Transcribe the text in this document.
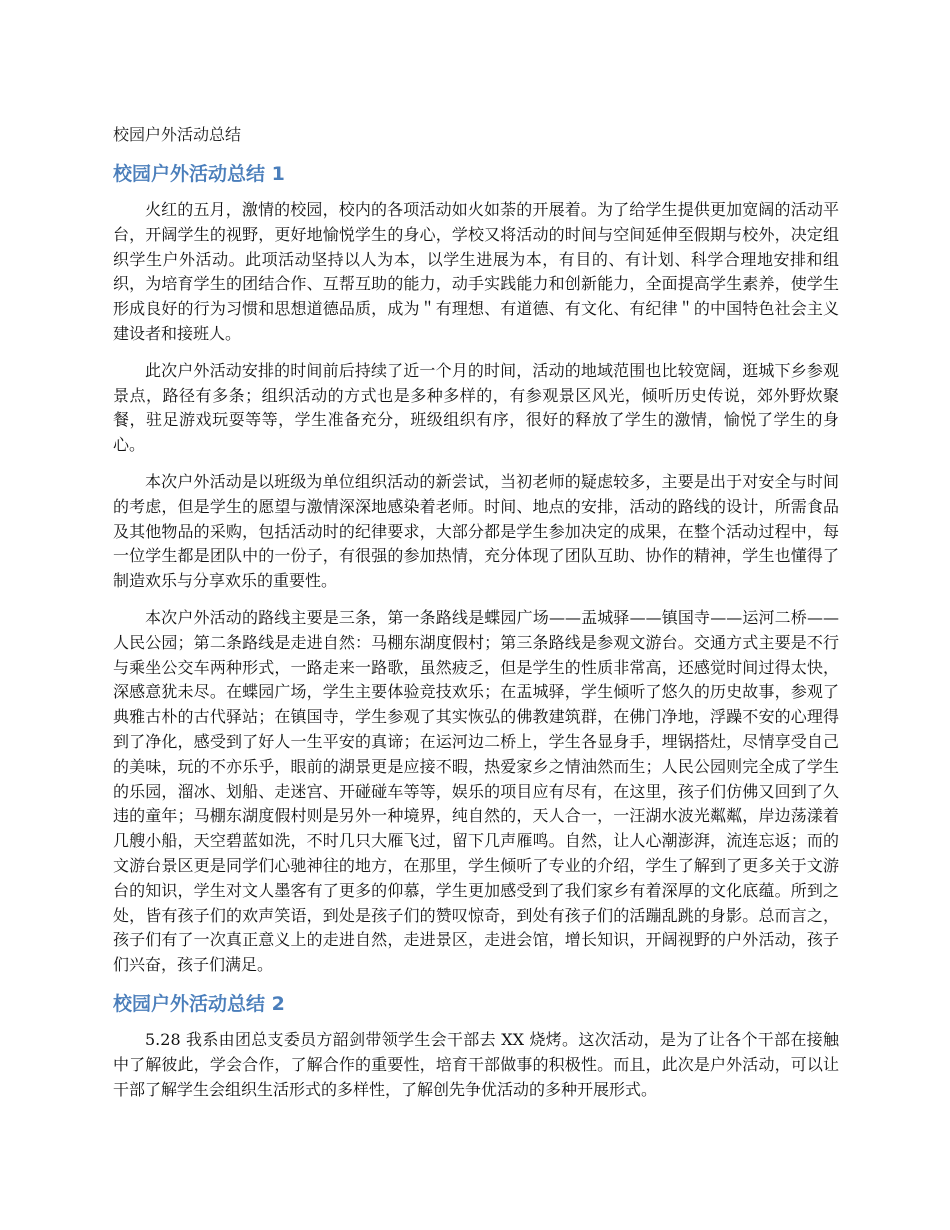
校园户外活动总结
校园户外活动总结 1

火红的五月，激情的校园，校内的各项活动如火如荼的开展着。为了给学生提供更加宽阔的活动平台，开阔学生的视野，更好地愉悦学生的身心，学校又将活动的时间与空间延伸至假期与校外，决定组织学生户外活动。此项活动坚持以人为本，以学生进展为本，有目的、有计划、科学合理地安排和组织，为培育学生的团结合作、互帮互助的能力，动手实践能力和创新能力，全面提高学生素养，使学生形成良好的行为习惯和思想道德品质，成为＂有理想、有道德、有文化、有纪律＂的中国特色社会主义建设者和接班人。

此次户外活动安排的时间前后持续了近一个月的时间，活动的地域范围也比较宽阔，逛城下乡参观景点，路径有多条；组织活动的方式也是多种多样的，有参观景区风光，倾听历史传说，郊外野炊聚餐，驻足游戏玩耍等等，学生准备充分，班级组织有序，很好的释放了学生的激情，愉悦了学生的身心。

本次户外活动是以班级为单位组织活动的新尝试，当初老师的疑虑较多，主要是出于对安全与时间的考虑，但是学生的愿望与激情深深地感染着老师。时间、地点的安排，活动的路线的设计，所需食品及其他物品的采购，包括活动时的纪律要求，大部分都是学生参加决定的成果，在整个活动过程中，每一位学生都是团队中的一份子，有很强的参加热情，充分体现了团队互助、协作的精神，学生也懂得了制造欢乐与分享欢乐的重要性。

本次户外活动的路线主要是三条，第一条路线是蝶园广场——盂城驿——镇国寺——运河二桥——人民公园；第二条路线是走进自然：马棚东湖度假村；第三条路线是参观文游台。交通方式主要是不行与乘坐公交车两种形式，一路走来一路歌，虽然疲乏，但是学生的性质非常高，还感觉时间过得太快，深感意犹未尽。在蝶园广场，学生主要体验竞技欢乐；在盂城驿，学生倾听了悠久的历史故事，参观了典雅古朴的古代驿站；在镇国寺，学生参观了其实恢弘的佛教建筑群，在佛门净地，浮躁不安的心理得到了净化，感受到了好人一生平安的真谛；在运河边二桥上，学生各显身手，埋锅搭灶，尽情享受自己的美味，玩的不亦乐乎，眼前的湖景更是应接不暇，热爱家乡之情油然而生；人民公园则完全成了学生的乐园，溜冰、划船、走迷宫、开碰碰车等等，娱乐的项目应有尽有，在这里，孩子们仿佛又回到了久违的童年；马棚东湖度假村则是另外一种境界，纯自然的，天人合一，一汪湖水波光粼粼，岸边荡漾着几艘小船，天空碧蓝如洗，不时几只大雁飞过，留下几声雁鸣。自然，让人心潮澎湃，流连忘返；而的文游台景区更是同学们心驰神往的地方，在那里，学生倾听了专业的介绍，学生了解到了更多关于文游台的知识，学生对文人墨客有了更多的仰慕，学生更加感受到了我们家乡有着深厚的文化底蕴。所到之处，皆有孩子们的欢声笑语，到处是孩子们的赞叹惊奇，到处有孩子们的活蹦乱跳的身影。总而言之，孩子们有了一次真正意义上的走进自然，走进景区，走进会馆，增长知识，开阔视野的户外活动，孩子们兴奋，孩子们满足。

校园户外活动总结 2

5.28 我系由团总支委员方韶剑带领学生会干部去 XX 烧烤。这次活动，是为了让各个干部在接触中了解彼此，学会合作，了解合作的重要性，培育干部做事的积极性。而且，此次是户外活动，可以让干部了解学生会组织生活形式的多样性，了解创先争优活动的多种开展形式。
